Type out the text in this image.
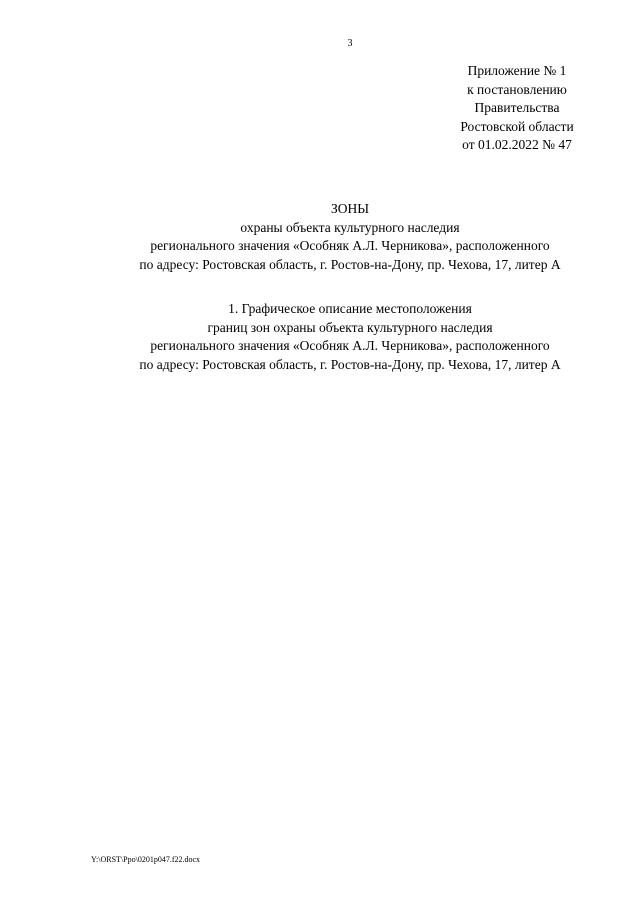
3
Приложение № 1
к постановлению
Правительства
Ростовской области
от 01.02.2022 № 47
ЗОНЫ
охраны объекта культурного наследия
регионального значения «Особняк А.Л. Черникова», расположенного
по адресу: Ростовская область, г. Ростов-на-Дону, пр. Чехова, 17, литер А
1. Графическое описание местоположения
границ зон охраны объекта культурного наследия
регионального значения «Особняк А.Л. Черникова», расположенного
по адресу: Ростовская область, г. Ростов-на-Дону, пр. Чехова, 17, литер А
Y:\ORST\Ppo\0201p047.f22.docx
